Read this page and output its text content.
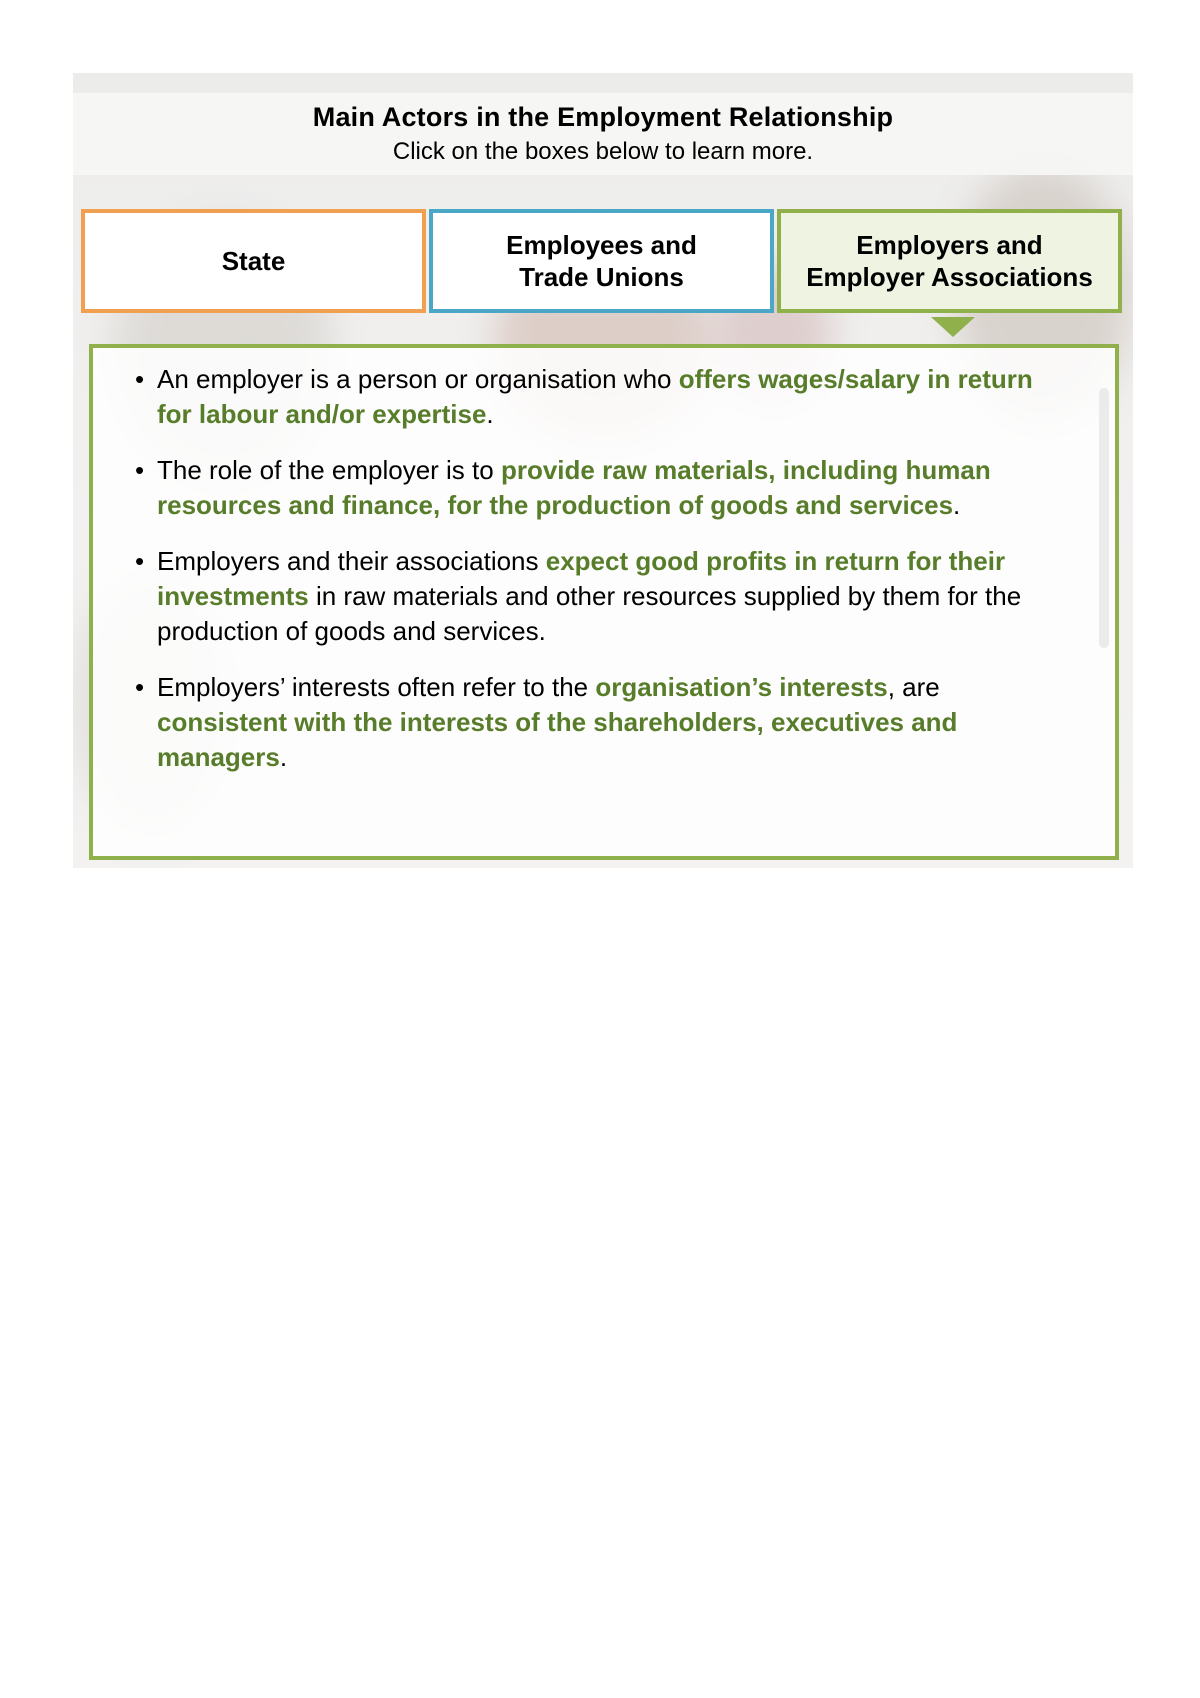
Main Actors in the Employment Relationship
Click on the boxes below to learn more.
State
Employees and
Trade Unions
Employers and
Employer Associations
• An employer is a person or organisation who offers wages/salary in return for labour and/or expertise.
• The role of the employer is to provide raw materials, including human resources and finance, for the production of goods and services.
• Employers and their associations expect good profits in return for their investments in raw materials and other resources supplied by them for the production of goods and services.
• Employers’ interests often refer to the organisation’s interests, are consistent with the interests of the shareholders, executives and managers.
